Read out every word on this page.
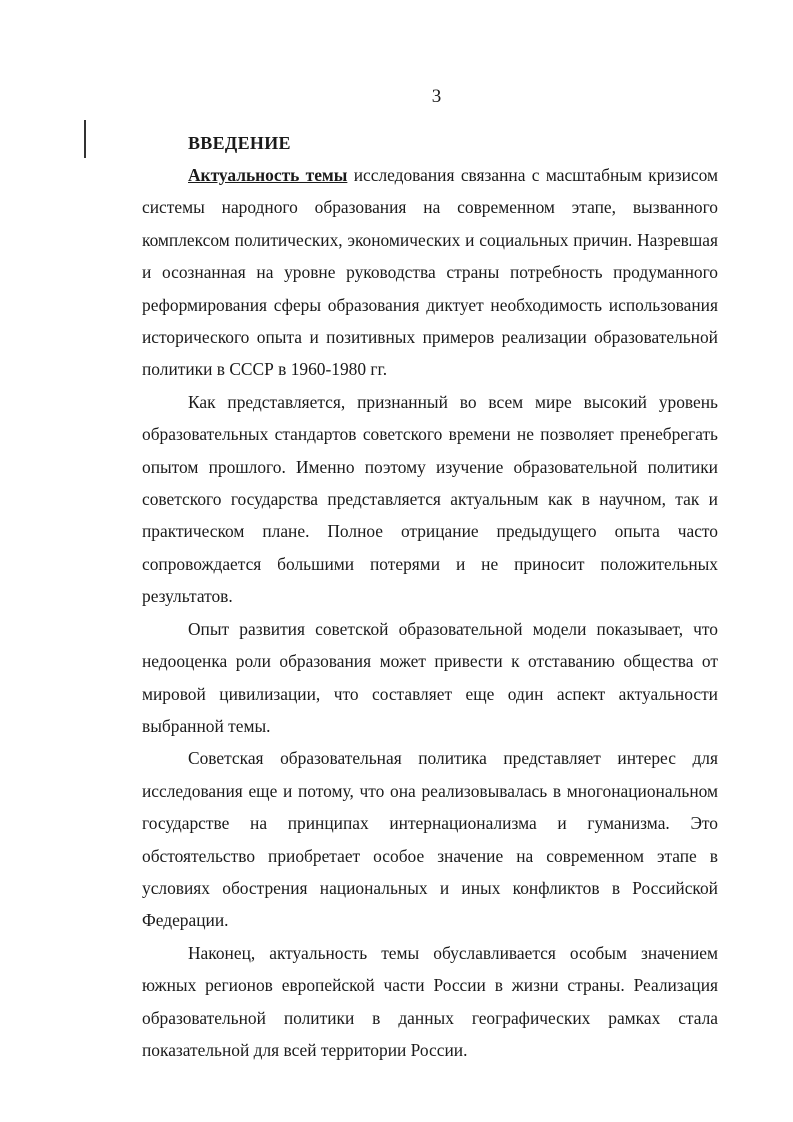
3
ВВЕДЕНИЕ

Актуальность темы исследования связанна с масштабным кризисом системы народного образования на современном этапе, вызванного комплексом политических, экономических и социальных причин. Назревшая и осознанная на уровне руководства страны потребность продуманного реформирования сферы образования диктует необходимость использования исторического опыта и позитивных примеров реализации образовательной политики в СССР в 1960-1980 гг.

Как представляется, признанный во всем мире высокий уровень образовательных стандартов советского времени не позволяет пренебрегать опытом прошлого. Именно поэтому изучение образовательной политики советского государства представляется актуальным как в научном, так и практическом плане. Полное отрицание предыдущего опыта часто сопровождается большими потерями и не приносит положительных результатов.

Опыт развития советской образовательной модели показывает, что недооценка роли образования может привести к отставанию общества от мировой цивилизации, что составляет еще один аспект актуальности выбранной темы.

Советская образовательная политика представляет интерес для исследования еще и потому, что она реализовывалась в многонациональном государстве на принципах интернационализма и гуманизма. Это обстоятельство приобретает особое значение на современном этапе в условиях обострения национальных и иных конфликтов в Российской Федерации.

Наконец, актуальность темы обуславливается особым значением южных регионов европейской части России в жизни страны. Реализация образовательной политики в данных географических рамках стала показательной для всей территории России.
